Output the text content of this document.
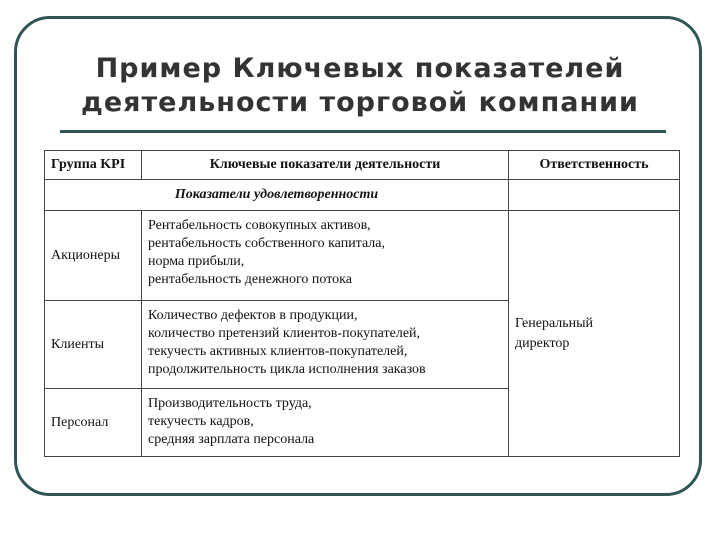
Пример Ключевых показателей
деятельности торговой компании
Группа KPI	Ключевые показатели деятельности	Ответственность
Показатели удовлетворенности		
Акционеры	Рентабельность совокупных активов,
рентабельность собственного капитала,
норма прибыли,
рентабельность денежного потока	Генеральный
директор

Клиенты	Количество дефектов в продукции,
количество претензий клиентов-покупателей,
текучесть активных клиентов-покупателей,
продолжительность цикла исполнения заказов	

Персонал	Производительность труда,
текучесть кадров,
средняя зарплата персонала	
